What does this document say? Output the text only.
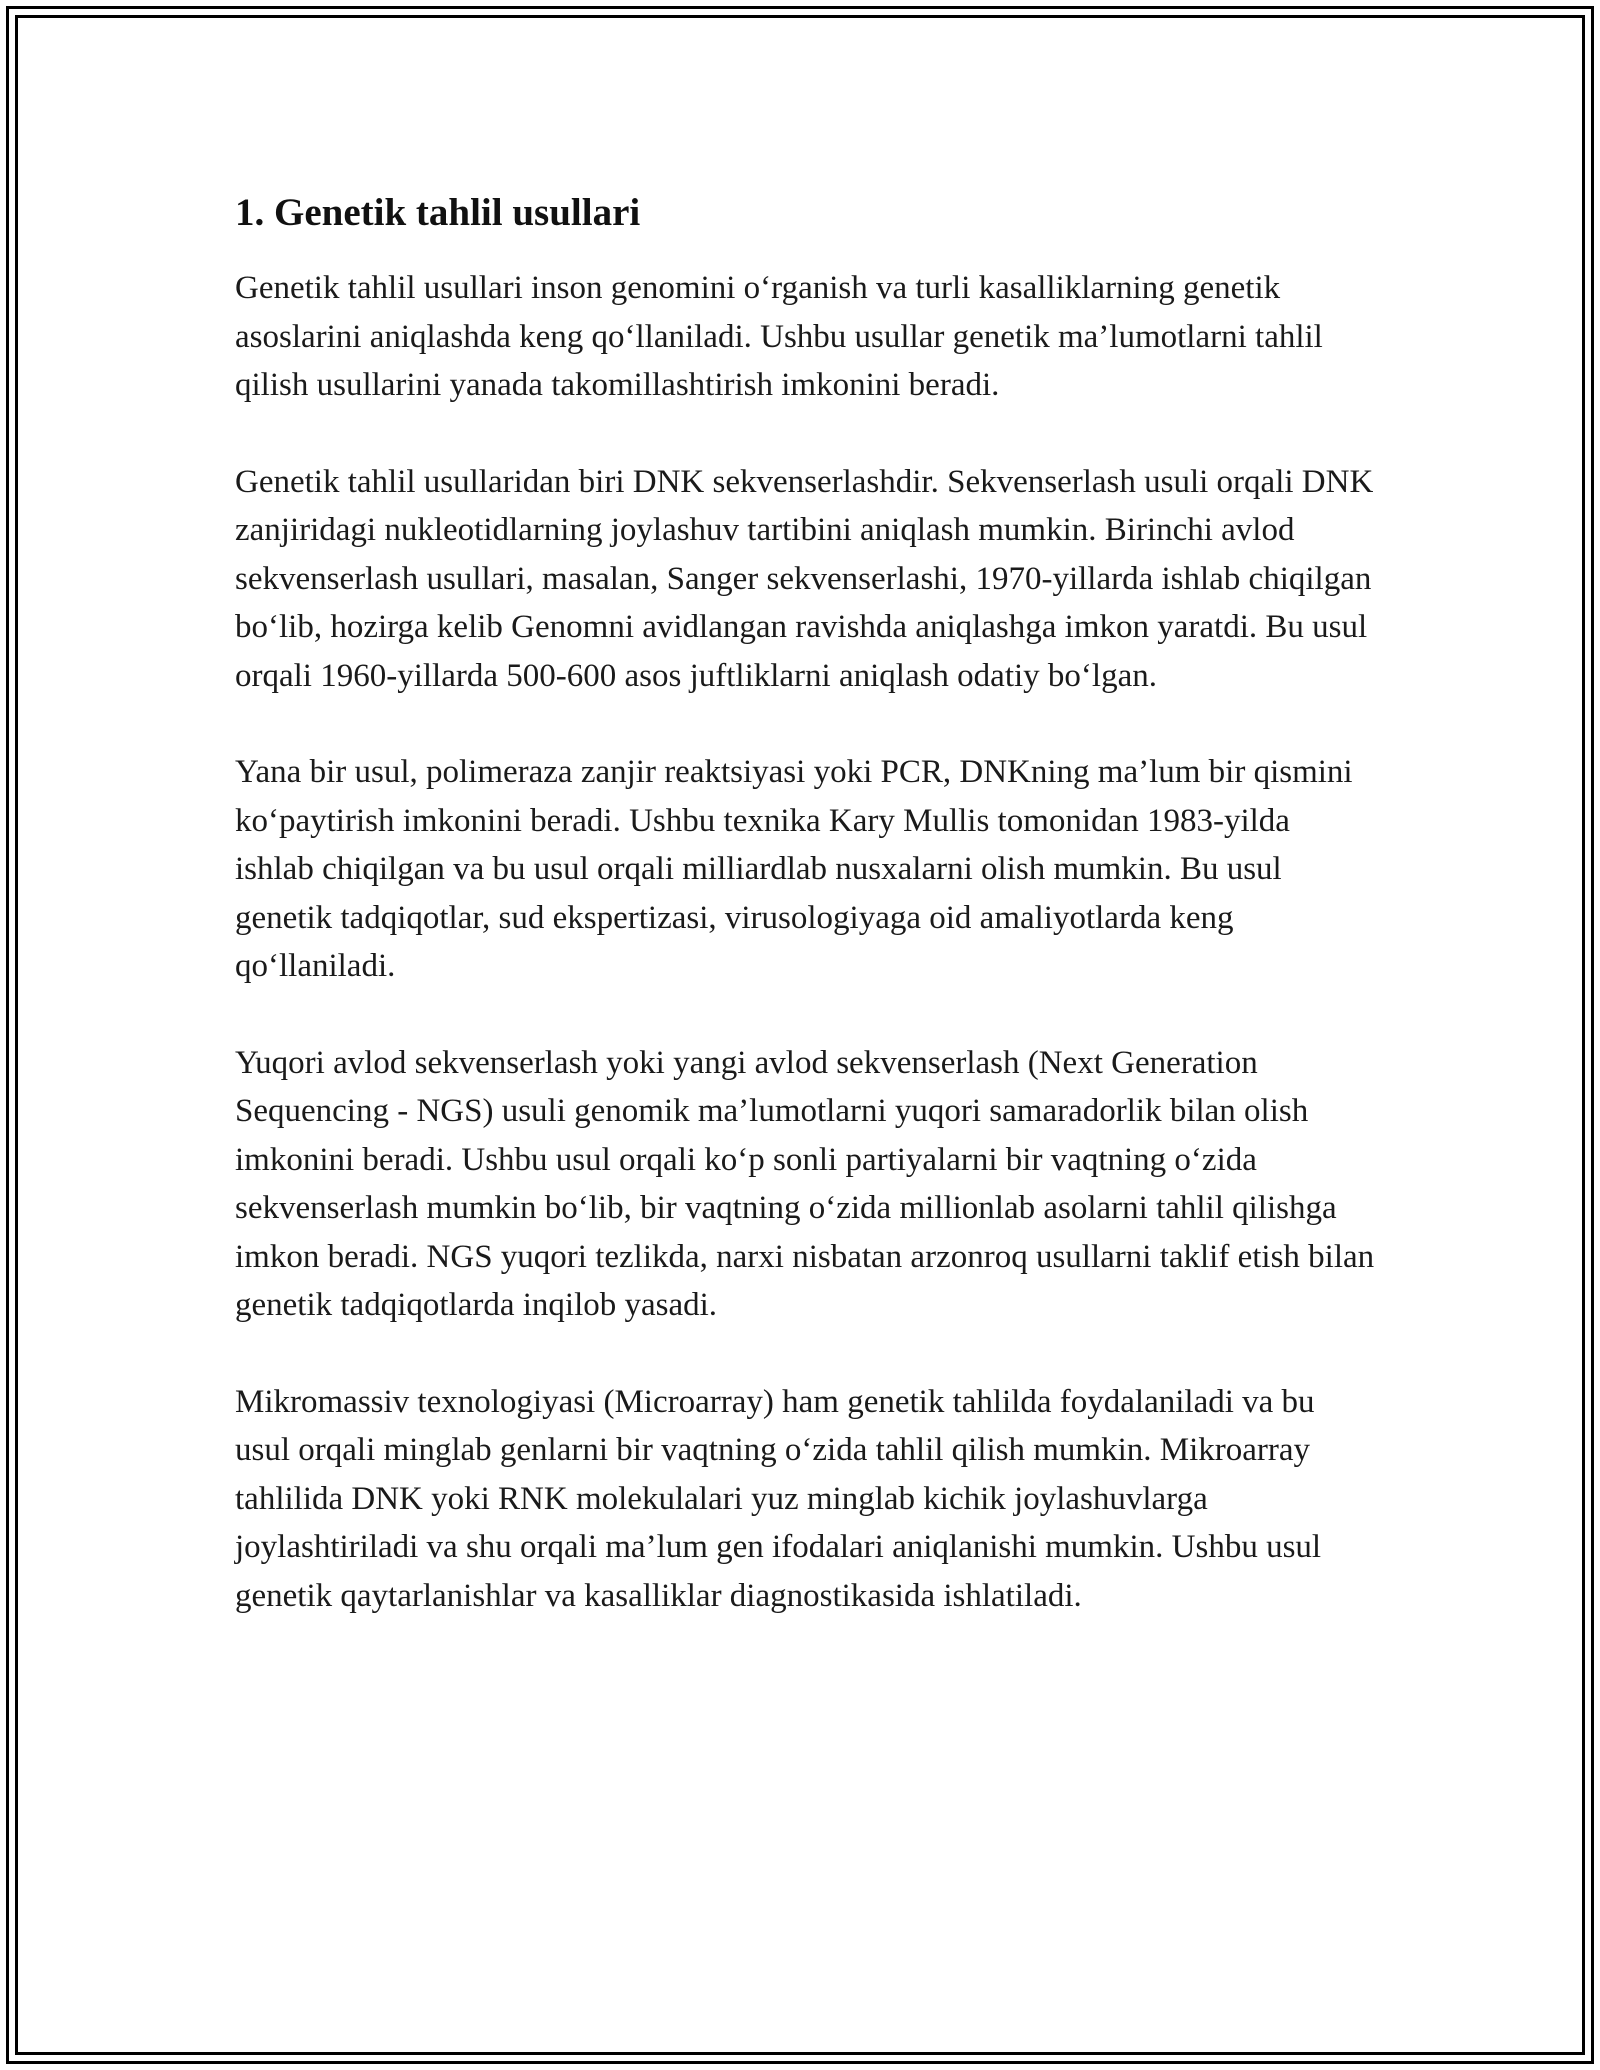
1. Genetik tahlil usullari

Genetik tahlil usullari inson genomini o‘rganish va turli kasalliklarning genetik asoslarini aniqlashda keng qo‘llaniladi. Ushbu usullar genetik ma’lumotlarni tahlil qilish usullarini yanada takomillashtirish imkonini beradi.

Genetik tahlil usullaridan biri DNK sekvenserlashdir. Sekvenserlash usuli orqali DNK zanjiridagi nukleotidlarning joylashuv tartibini aniqlash mumkin. Birinchi avlod sekvenserlash usullari, masalan, Sanger sekvenserlashi, 1970-yillarda ishlab chiqilgan bo‘lib, hozirga kelib Genomni avidlangan ravishda aniqlashga imkon yaratdi. Bu usul orqali 1960-yillarda 500-600 asos juftliklarni aniqlash odatiy bo‘lgan.

Yana bir usul, polimeraza zanjir reaktsiyasi yoki PCR, DNKning ma’lum bir qismini ko‘paytirish imkonini beradi. Ushbu texnika Kary Mullis tomonidan 1983-yilda ishlab chiqilgan va bu usul orqali milliardlab nusxalarni olish mumkin. Bu usul genetik tadqiqotlar, sud ekspertizasi, virusologiyaga oid amaliyotlarda keng qo‘llaniladi.

Yuqori avlod sekvenserlash yoki yangi avlod sekvenserlash (Next Generation Sequencing - NGS) usuli genomik ma’lumotlarni yuqori samaradorlik bilan olish imkonini beradi. Ushbu usul orqali ko‘p sonli partiyalarni bir vaqtning o‘zida sekvenserlash mumkin bo‘lib, bir vaqtning o‘zida millionlab asolarni tahlil qilishga imkon beradi. NGS yuqori tezlikda, narxi nisbatan arzonroq usullarni taklif etish bilan genetik tadqiqotlarda inqilob yasadi.

Mikromassiv texnologiyasi (Microarray) ham genetik tahlilda foydalaniladi va bu usul orqali minglab genlarni bir vaqtning o‘zida tahlil qilish mumkin. Mikroarray tahlilida DNK yoki RNK molekulalari yuz minglab kichik joylashuvlarga joylashtiriladi va shu orqali ma’lum gen ifodalari aniqlanishi mumkin. Ushbu usul genetik qaytarlanishlar va kasalliklar diagnostikasida ishlatiladi.
